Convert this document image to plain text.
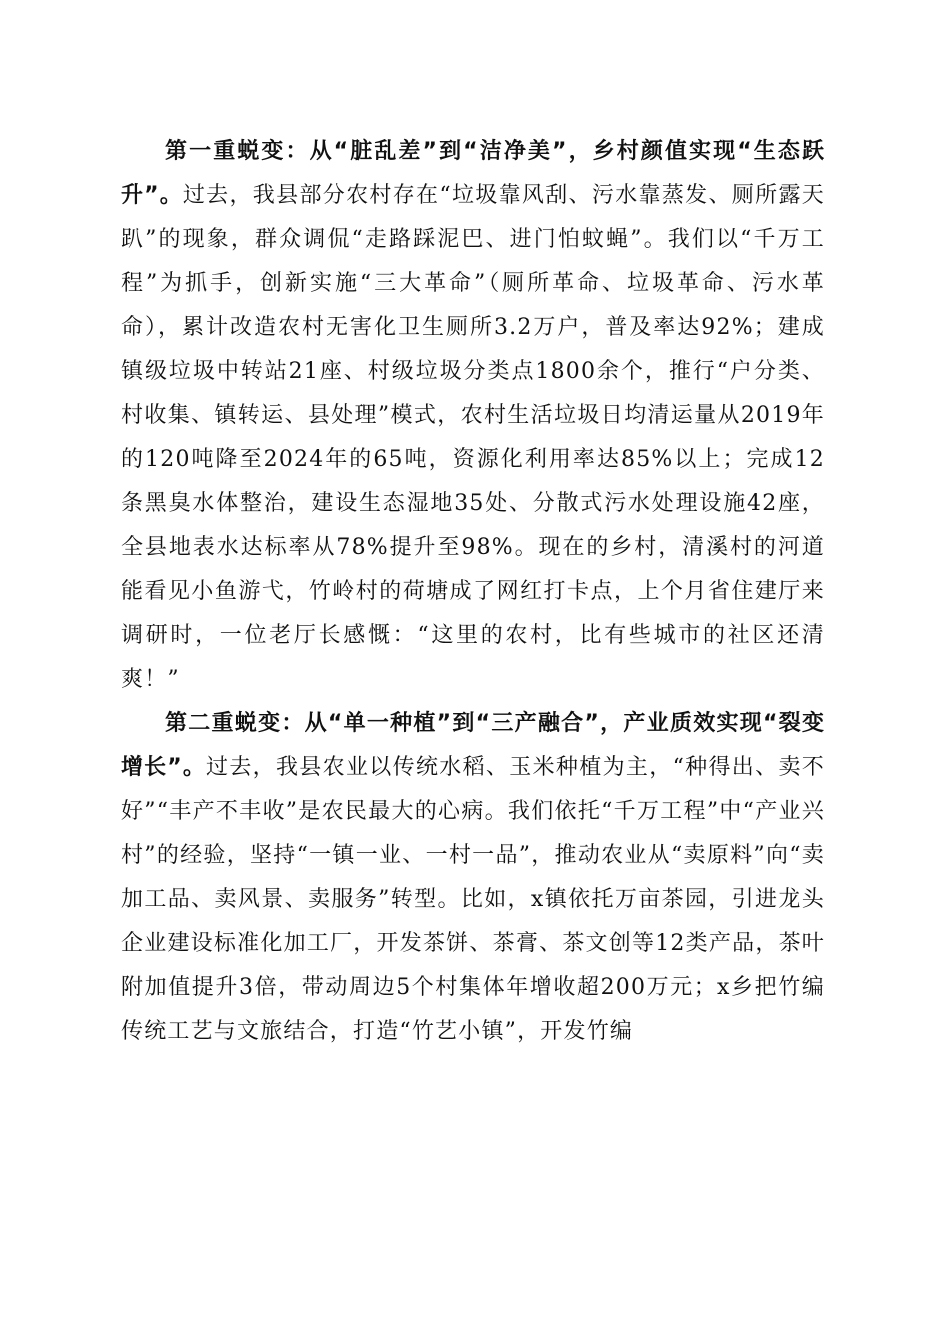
第一重蜕变：从“脏乱差”到“洁净美”，乡村颜值实现“生态跃升”。过去，我县部分农村存在“垃圾靠风刮、污水靠蒸发、厕所露天趴”的现象，群众调侃“走路踩泥巴、进门怕蚊蝇”。我们以“千万工程”为抓手，创新实施“三大革命”（厕所革命、垃圾革命、污水革命），累计改造农村无害化卫生厕所3.2万户，普及率达92%；建成镇级垃圾中转站21座、村级垃圾分类点1800余个，推行“户分类、村收集、镇转运、县处理”模式，农村生活垃圾日均清运量从2019年的120吨降至2024年的65吨，资源化利用率达85%以上；完成12条黑臭水体整治，建设生态湿地35处、分散式污水处理设施42座，全县地表水达标率从78%提升至98%。现在的乡村，清溪村的河道能看见小鱼游弋，竹岭村的荷塘成了网红打卡点，上个月省住建厅来调研时，一位老厅长感慨：“这里的农村，比有些城市的社区还清爽！”

第二重蜕变：从“单一种植”到“三产融合”，产业质效实现“裂变增长”。过去，我县农业以传统水稻、玉米种植为主，“种得出、卖不好”“丰产不丰收”是农民最大的心病。我们依托“千万工程”中“产业兴村”的经验，坚持“一镇一业、一村一品”，推动农业从“卖原料”向“卖加工品、卖风景、卖服务”转型。比如，x镇依托万亩茶园，引进龙头企业建设标准化加工厂，开发茶饼、茶膏、茶文创等12类产品，茶叶附加值提升3倍，带动周边5个村集体年增收超200万元；x乡把竹编传统工艺与文旅结合，打造“竹艺小镇”，开发竹编
